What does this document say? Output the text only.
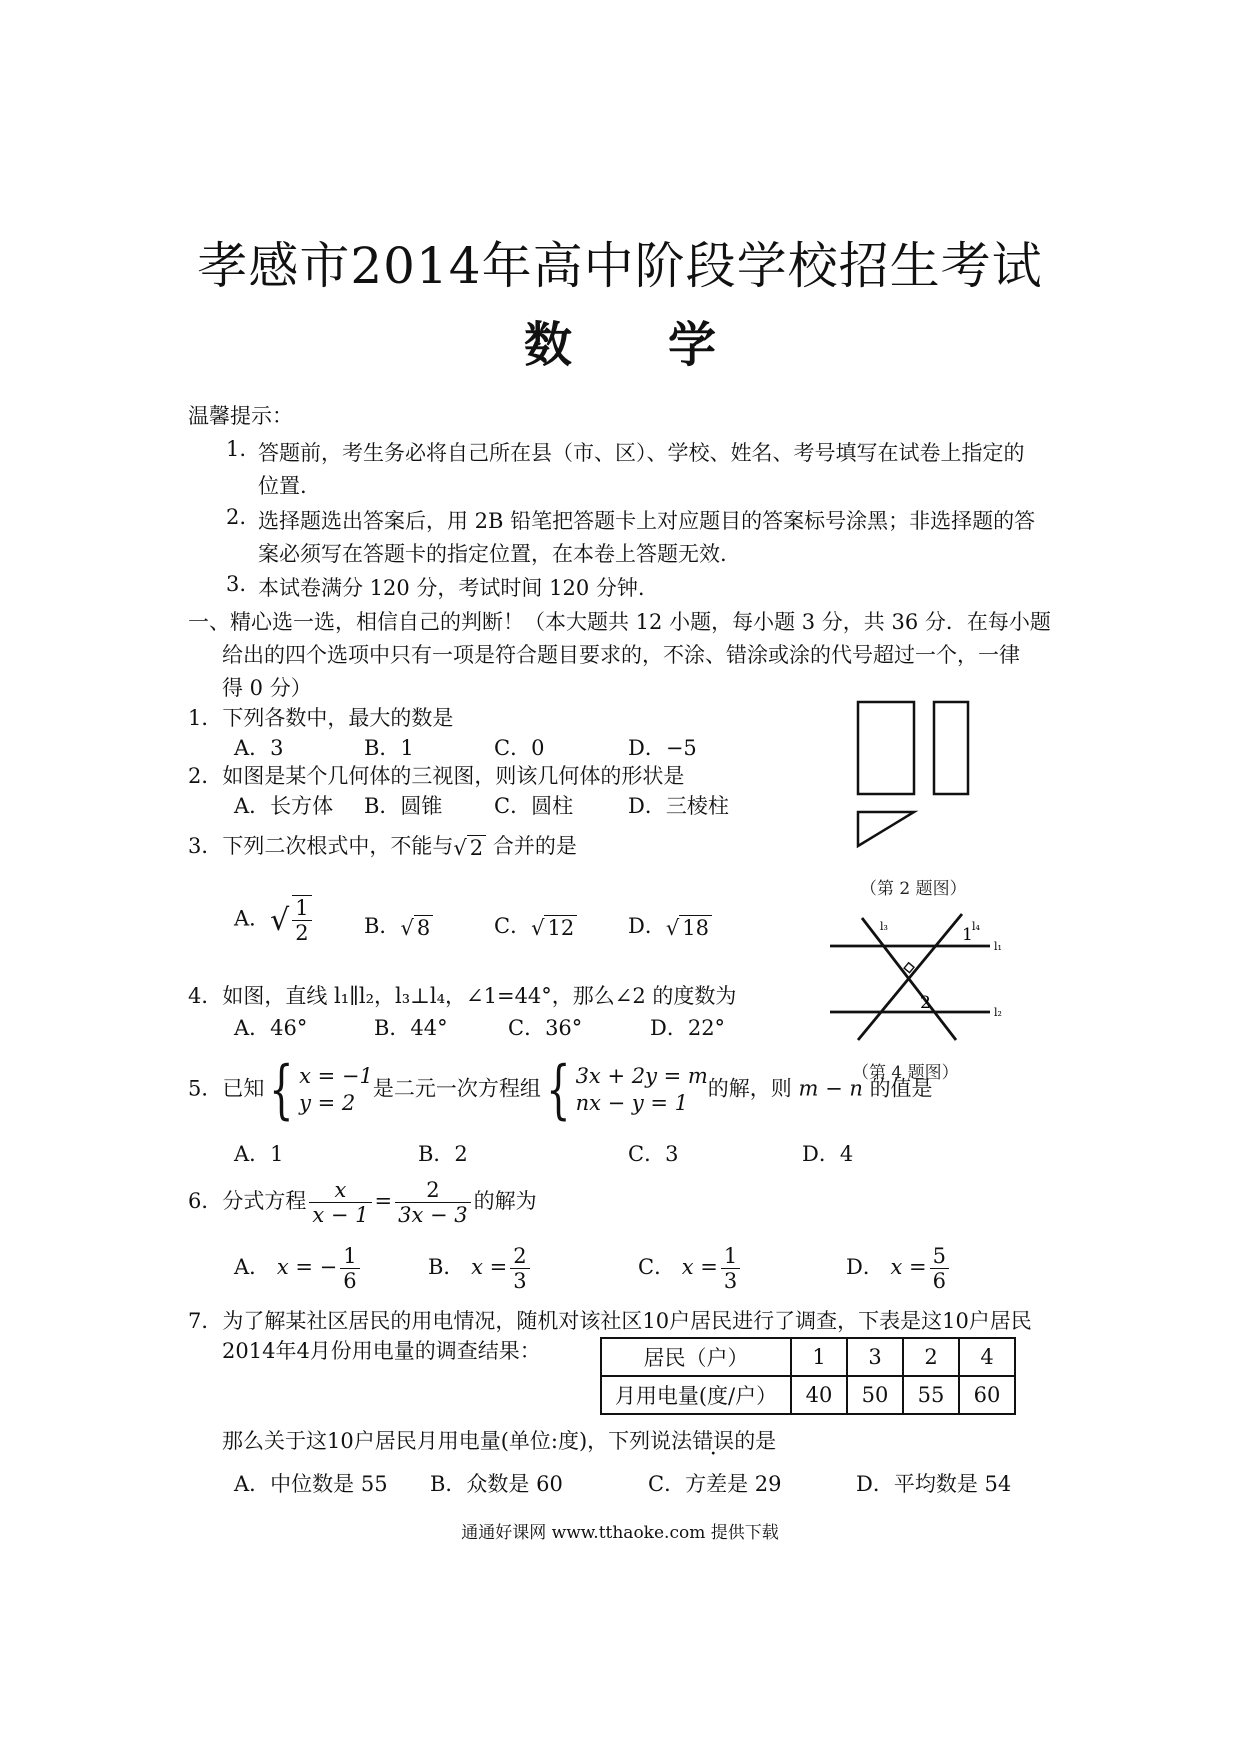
孝感市2014年高中阶段学校招生考试
数　　学
温馨提示：
1. 答题前，考生务必将自己所在县（市、区）、学校、姓名、考号填写在试卷上指定的
位置.
2. 选择题选出答案后，用 2B 铅笔把答题卡上对应题目的答案标号涂黑；非选择题的答
案必须写在答题卡的指定位置，在本卷上答题无效.
3. 本试卷满分 120 分，考试时间 120 分钟.
一、精心选一选，相信自己的判断！（本大题共 12 小题，每小题 3 分，共 36 分．在每小题
给出的四个选项中只有一项是符合题目要求的，不涂、错涂或涂的代号超过一个，一律
得 0 分）
1．下列各数中，最大的数是
A．3	B．1	C．0	D．−5
2．如图是某个几何体的三视图，则该几何体的形状是
A．长方体 B．圆锥 C．圆柱	D．三棱柱
（第 2 题图）
3．下列二次根式中，不能与√ 2 合并的是
A．√ $\frac{1}{2}$ B．√ 8	C．√ 12	D．√ 18	1
2
l₃	l₄
l₁
l₂
（第 4 题图）
4．如图，直线 l₁∥l₂，l₃⊥l₄，∠1=44°，那么∠2 的度数为
A．46°	B．44°	C．36°	D．22°
5．已知{ x = −1
y = 2
是二元一次方程组{ 3x + 2y = m
nx − y = 1
的解，则 m − n 的值是
A．1	B．2	C．3	D．4
6．分式方程 $\frac{x}{x - 1} = \frac{2}{3x - 3}$ 的解为
A． x = − $\frac{1}{6}$	B． $x = \frac{2}{3}$	C． $x = \frac{1}{3}$	D． $x = \frac{5}{6}$
7．为了解某社区居民的用电情况，随机对该社区10户居民进行了调查，下表是这10户居民
2014年4月份用电量的调查结果：	居民（户）	1	3	2	4
月用电量(度/户）	40	50	55	60
那么关于这10户居民月用电量(单位:度)，下列说法错误的是
A．中位数是 55 B．众数是 60	C．方差是 29	D．平均数是 54
通通好课网 www.tthaoke.com 提供下载
